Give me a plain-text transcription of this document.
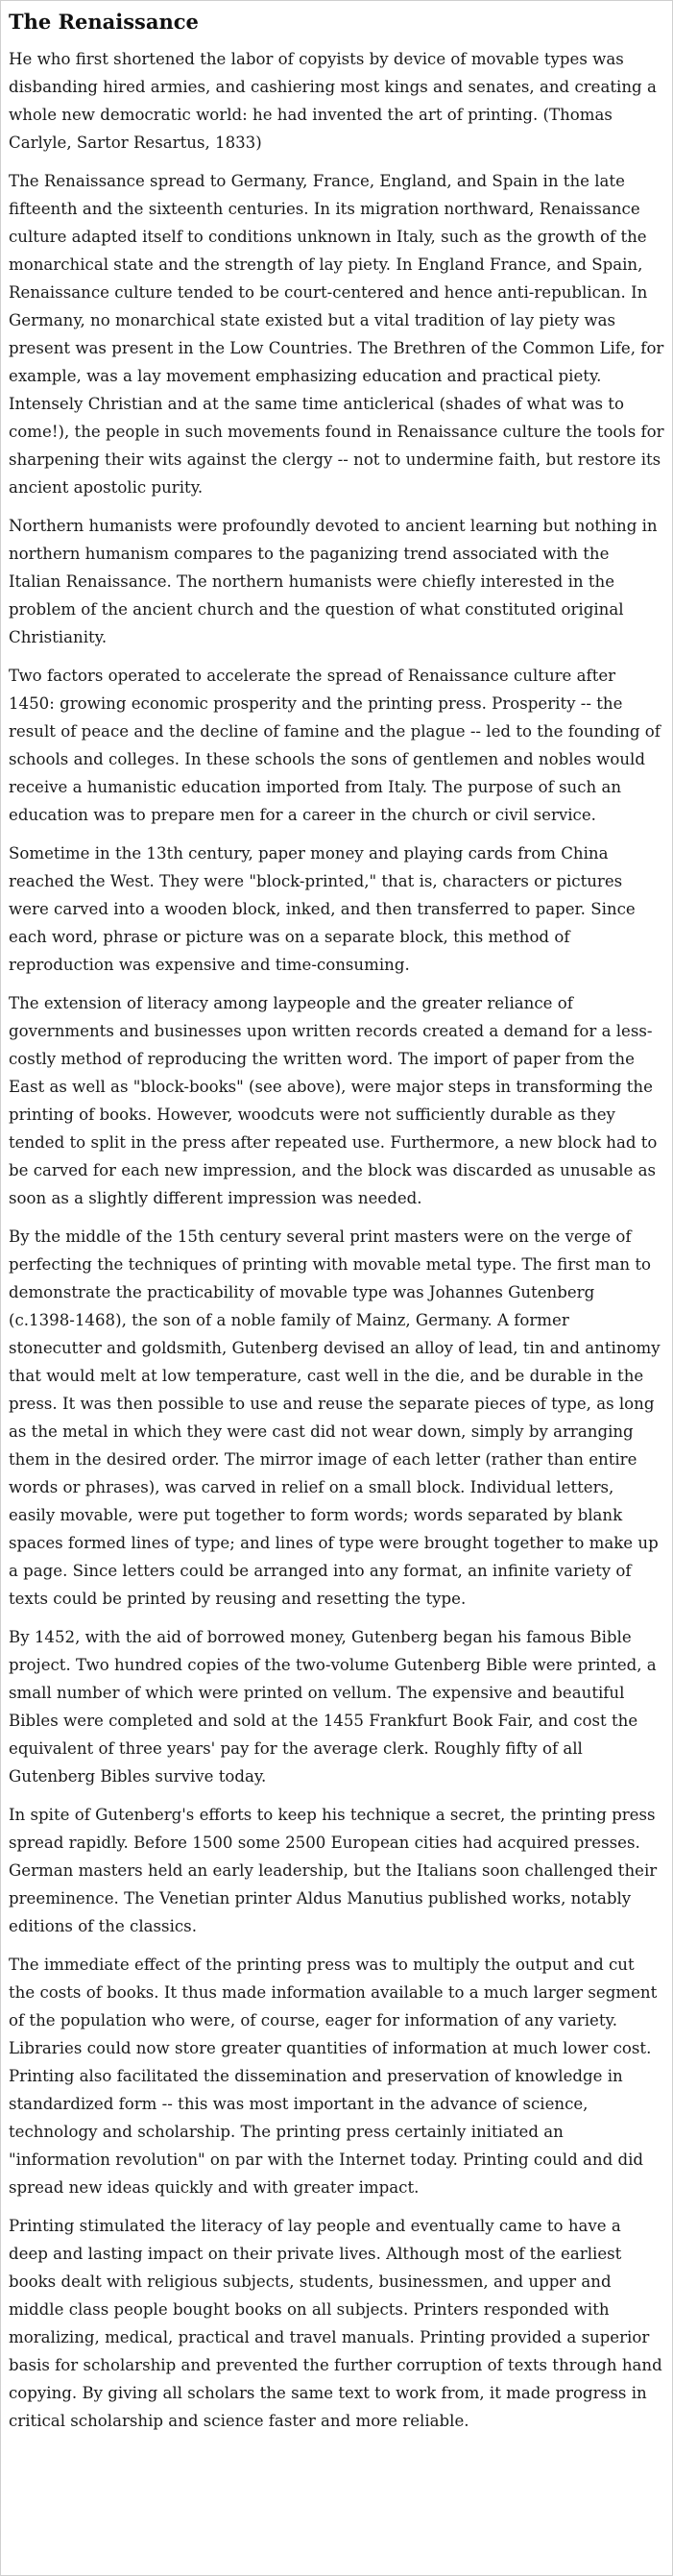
The Renaissance

He who first shortened the labor of copyists by device of movable types was disbanding hired armies, and cashiering most kings and senates, and creating a whole new democratic world: he had invented the art of printing. (Thomas Carlyle, Sartor Resartus, 1833)

The Renaissance spread to Germany, France, England, and Spain in the late fifteenth and the sixteenth centuries. In its migration northward, Renaissance culture adapted itself to conditions unknown in Italy, such as the growth of the monarchical state and the strength of lay piety. In England France, and Spain, Renaissance culture tended to be court-centered and hence anti-republican. In Germany, no monarchical state existed but a vital tradition of lay piety was present was present in the Low Countries. The Brethren of the Common Life, for example, was a lay movement emphasizing education and practical piety. Intensely Christian and at the same time anticlerical (shades of what was to come!), the people in such movements found in Renaissance culture the tools for sharpening their wits against the clergy -- not to undermine faith, but restore its ancient apostolic purity.

Northern humanists were profoundly devoted to ancient learning but nothing in northern humanism compares to the paganizing trend associated with the Italian Renaissance. The northern humanists were chiefly interested in the problem of the ancient church and the question of what constituted original Christianity.

Two factors operated to accelerate the spread of Renaissance culture after 1450: growing economic prosperity and the printing press. Prosperity -- the result of peace and the decline of famine and the plague -- led to the founding of schools and colleges. In these schools the sons of gentlemen and nobles would receive a humanistic education imported from Italy. The purpose of such an education was to prepare men for a career in the church or civil service.

Sometime in the 13th century, paper money and playing cards from China reached the West. They were "block-printed," that is, characters or pictures were carved into a wooden block, inked, and then transferred to paper. Since each word, phrase or picture was on a separate block, this method of reproduction was expensive and time-consuming.

The extension of literacy among laypeople and the greater reliance of governments and businesses upon written records created a demand for a less-costly method of reproducing the written word. The import of paper from the East as well as "block-books" (see above), were major steps in transforming the printing of books. However, woodcuts were not sufficiently durable as they tended to split in the press after repeated use. Furthermore, a new block had to be carved for each new impression, and the block was discarded as unusable as soon as a slightly different impression was needed.

By the middle of the 15th century several print masters were on the verge of perfecting the techniques of printing with movable metal type. The first man to demonstrate the practicability of movable type was Johannes Gutenberg (c.1398-1468), the son of a noble family of Mainz, Germany. A former stonecutter and goldsmith, Gutenberg devised an alloy of lead, tin and antinomy that would melt at low temperature, cast well in the die, and be durable in the press. It was then possible to use and reuse the separate pieces of type, as long as the metal in which they were cast did not wear down, simply by arranging them in the desired order. The mirror image of each letter (rather than entire words or phrases), was carved in relief on a small block. Individual letters, easily movable, were put together to form words; words separated by blank spaces formed lines of type; and lines of type were brought together to make up a page. Since letters could be arranged into any format, an infinite variety of texts could be printed by reusing and resetting the type.

By 1452, with the aid of borrowed money, Gutenberg began his famous Bible project. Two hundred copies of the two-volume Gutenberg Bible were printed, a small number of which were printed on vellum. The expensive and beautiful Bibles were completed and sold at the 1455 Frankfurt Book Fair, and cost the equivalent of three years' pay for the average clerk. Roughly fifty of all Gutenberg Bibles survive today.

In spite of Gutenberg's efforts to keep his technique a secret, the printing press spread rapidly. Before 1500 some 2500 European cities had acquired presses. German masters held an early leadership, but the Italians soon challenged their preeminence. The Venetian printer Aldus Manutius published works, notably editions of the classics.

The immediate effect of the printing press was to multiply the output and cut the costs of books. It thus made information available to a much larger segment of the population who were, of course, eager for information of any variety. Libraries could now store greater quantities of information at much lower cost. Printing also facilitated the dissemination and preservation of knowledge in standardized form -- this was most important in the advance of science, technology and scholarship. The printing press certainly initiated an "information revolution" on par with the Internet today. Printing could and did spread new ideas quickly and with greater impact.

Printing stimulated the literacy of lay people and eventually came to have a deep and lasting impact on their private lives. Although most of the earliest books dealt with religious subjects, students, businessmen, and upper and middle class people bought books on all subjects. Printers responded with moralizing, medical, practical and travel manuals. Printing provided a superior basis for scholarship and prevented the further corruption of texts through hand copying. By giving all scholars the same text to work from, it made progress in critical scholarship and science faster and more reliable.
